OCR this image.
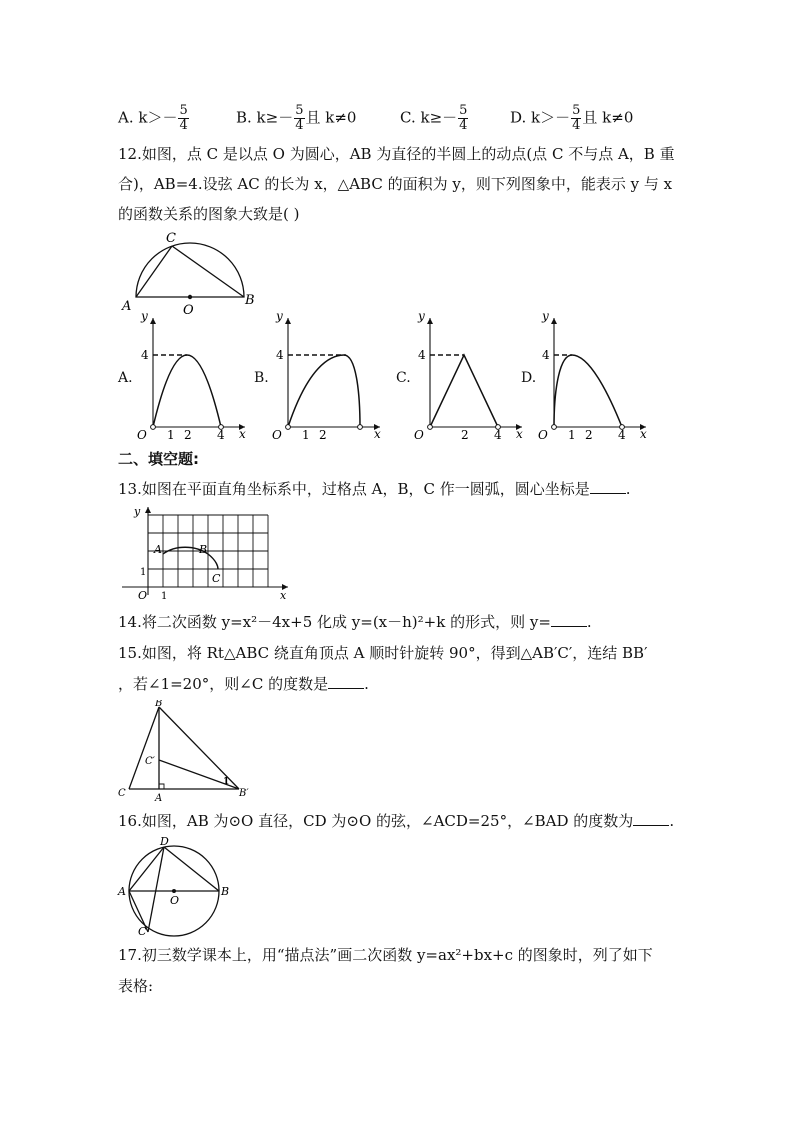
A. $k>- \frac{5}{4}$	B. $k\ge- \frac{5}{4}$ 且 k≠0	C. $k\ge- \frac{5}{4}$	D. $k>- \frac{5}{4}$ 且 k≠0
12.如图，点 C 是以点 O 为圆心，AB 为直径的半圆上的动点(点 C 不与点 A，B 重
合)，AB=4.设弦 AC 的长为 x，△ABC 的面积为 y，则下列图象中，能表示 y 与 x
的函数关系的图象大致是( )
C
A	B
O
A.
y
x
O
4
1 2 4
B.
y
x
O
4
1 2
C.
y
x
O
4
2 4
D.
y
x
O
4
1 2 4
二、填空题:
13.如图在平面直角坐标系中，过格点 A，B，C 作一圆弧，圆心坐标是 .
y
x
O 1
1
A	B
C
14.将二次函数 y=x²－4x+5 化成 y=(x－h)²+k 的形式，则 y= .
15.如图，将 Rt△ABC 绕直角顶点 A 顺时针旋转 90°，得到△AB′C′，连结 BB′
，若∠1=20°，则∠C 的度数是 .
B
C′
C	A	B′
1
16.如图，AB 为⊙O 直径，CD 为⊙O 的弦，∠ACD=25°，∠BAD 的度数为 .
D
A	B
O
C
17.初三数学课本上，用“描点法”画二次函数 y=ax²+bx+c 的图象时，列了如下
表格:
